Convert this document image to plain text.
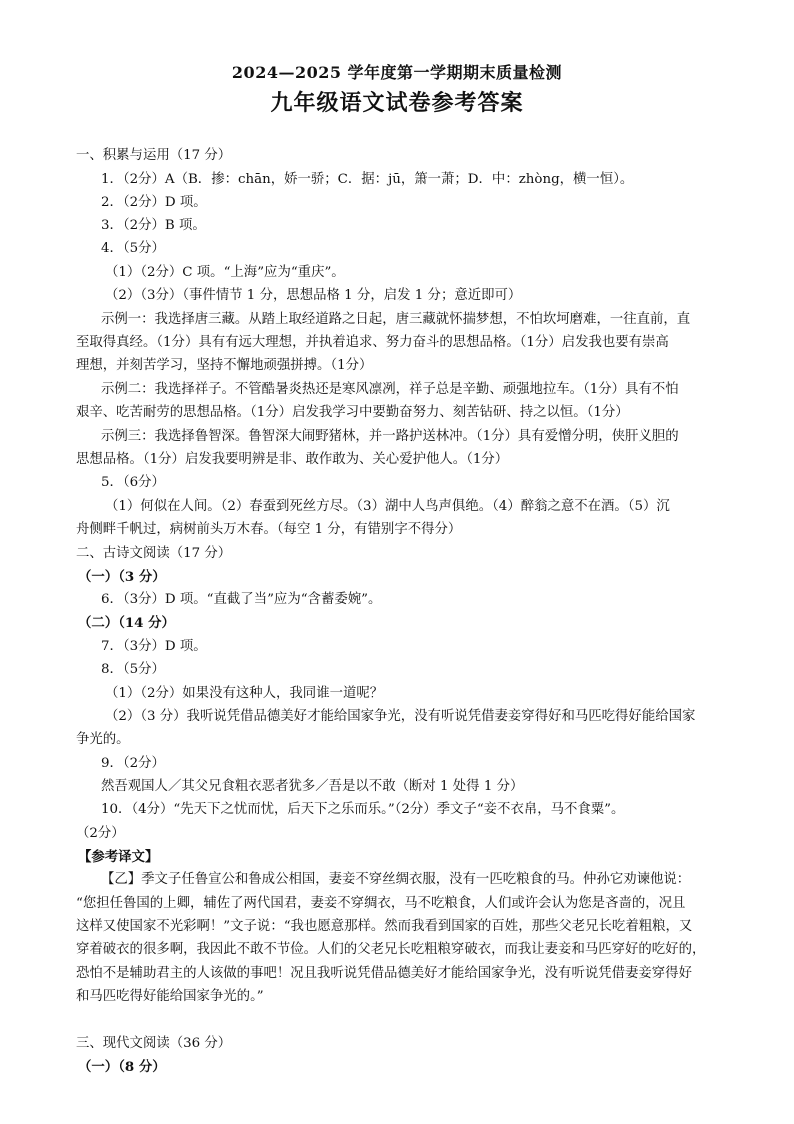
2024—2025 学年度第一学期期末质量检测
九年级语文试卷参考答案
一、积累与运用（17 分）
1．（2分）A（B．掺：chān，娇一骄；C．据：jū，箫一萧；D．中：zhòng，横一恒）。
2．（2分）D 项。
3．（2分）B 项。
4．（5分）
（1）（2分）C 项。“上海”应为“重庆”。
（2）（3分）（事件情节 1 分，思想品格 1 分，启发 1 分；意近即可）
示例一：我选择唐三藏。从踏上取经道路之日起，唐三藏就怀揣梦想，不怕坎坷磨难，一往直前，直
至取得真经。（1分）具有有远大理想，并执着追求、努力奋斗的思想品格。（1分）启发我也要有崇高
理想，并刻苦学习，坚持不懈地顽强拼搏。（1分）
示例二：我选择祥子。不管酷暑炎热还是寒风凛冽，祥子总是辛勤、顽强地拉车。（1分）具有不怕
艰辛、吃苦耐劳的思想品格。（1分）启发我学习中要勤奋努力、刻苦钻研、持之以恒。（1分）
示例三：我选择鲁智深。鲁智深大闹野猪林，并一路护送林冲。（1分）具有爱憎分明，侠肝义胆的
思想品格。（1分）启发我要明辨是非、敢作敢为、关心爱护他人。（1分）
5．（6分）
（1）何似在人间。（2）春蚕到死丝方尽。（3）湖中人鸟声俱绝。（4）醉翁之意不在酒。（5）沉
舟侧畔千帆过，病树前头万木春。（每空 1 分，有错别字不得分）
二、古诗文阅读（17 分）
（一）（3 分）
6．（3分）D 项。“直截了当”应为“含蓄委婉”。
（二）（14 分）
7．（3分）D 项。
8．（5分）
（1）（2分）如果没有这种人，我同谁一道呢？
（2）（3 分）我听说凭借品德美好才能给国家争光，没有听说凭借妻妾穿得好和马匹吃得好能给国家
争光的。
9．（2分）
然吾观国人／其父兄食粗衣恶者犹多／吾是以不敢（断对 1 处得 1 分）
10．（4分）“先天下之忧而忧，后天下之乐而乐。”（2分）季文子“妾不衣帛，马不食粟”。
（2分）
【参考译文】
【乙】季文子任鲁宣公和鲁成公相国，妻妾不穿丝绸衣服，没有一匹吃粮食的马。仲孙它劝谏他说：
“您担任鲁国的上卿，辅佐了两代国君，妻妾不穿绸衣，马不吃粮食，人们或许会认为您是吝啬的，况且
这样又使国家不光彩啊！”文子说：“我也愿意那样。然而我看到国家的百姓，那些父老兄长吃着粗粮，又
穿着破衣的很多啊，我因此不敢不节俭。人们的父老兄长吃粗粮穿破衣，而我让妻妾和马匹穿好的吃好的，
恐怕不是辅助君主的人该做的事吧！况且我听说凭借品德美好才能给国家争光，没有听说凭借妻妾穿得好
和马匹吃得好能给国家争光的。”
三、现代文阅读（36 分）
（一）（8 分）
